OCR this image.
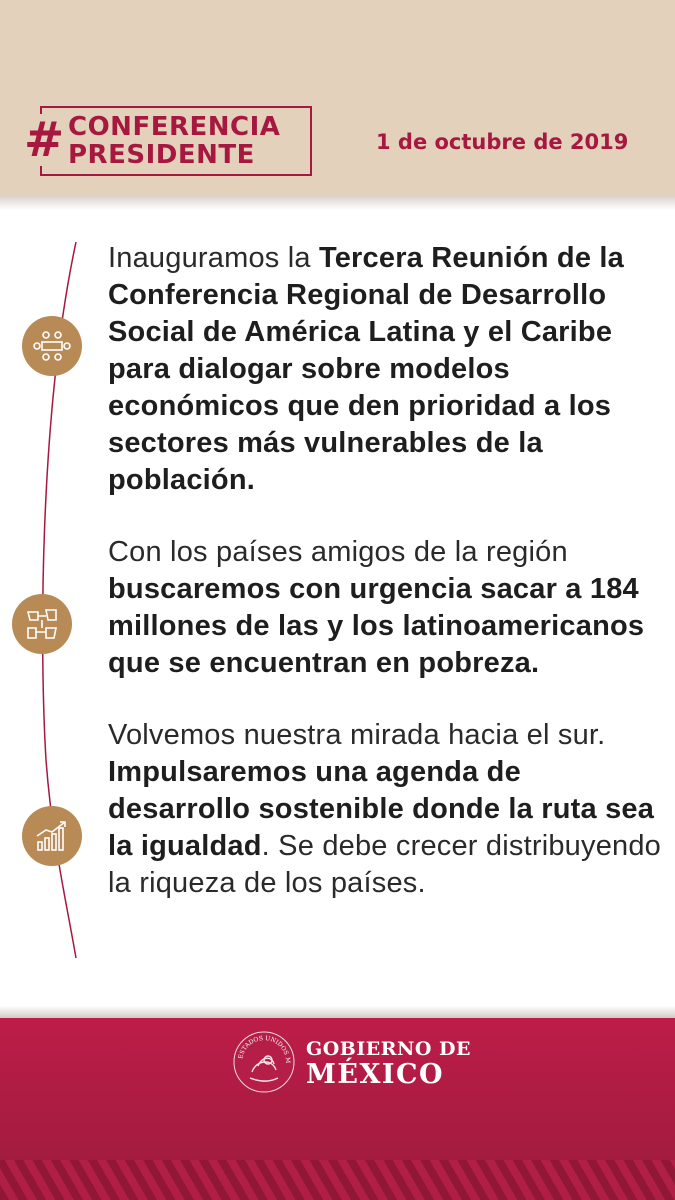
# CONFERENCIA
PRESIDENTE	1 de octubre de 2019

Inauguramos la Tercera Reunión de la Conferencia Regional de Desarrollo Social de América Latina y el Caribe para dialogar sobre modelos económicos que den prioridad a los sectores más vulnerables de la población.

Con los países amigos de la región buscaremos con urgencia sacar a 184 millones de las y los latinoamericanos que se encuentran en pobreza.

Volvemos nuestra mirada hacia el sur. Impulsaremos una agenda de desarrollo sostenible donde la ruta sea la igualdad. Se debe crecer distribuyendo la riqueza de los países.

ESTADOS UNIDOS M
GOBIERNO DE
MÉXICO
